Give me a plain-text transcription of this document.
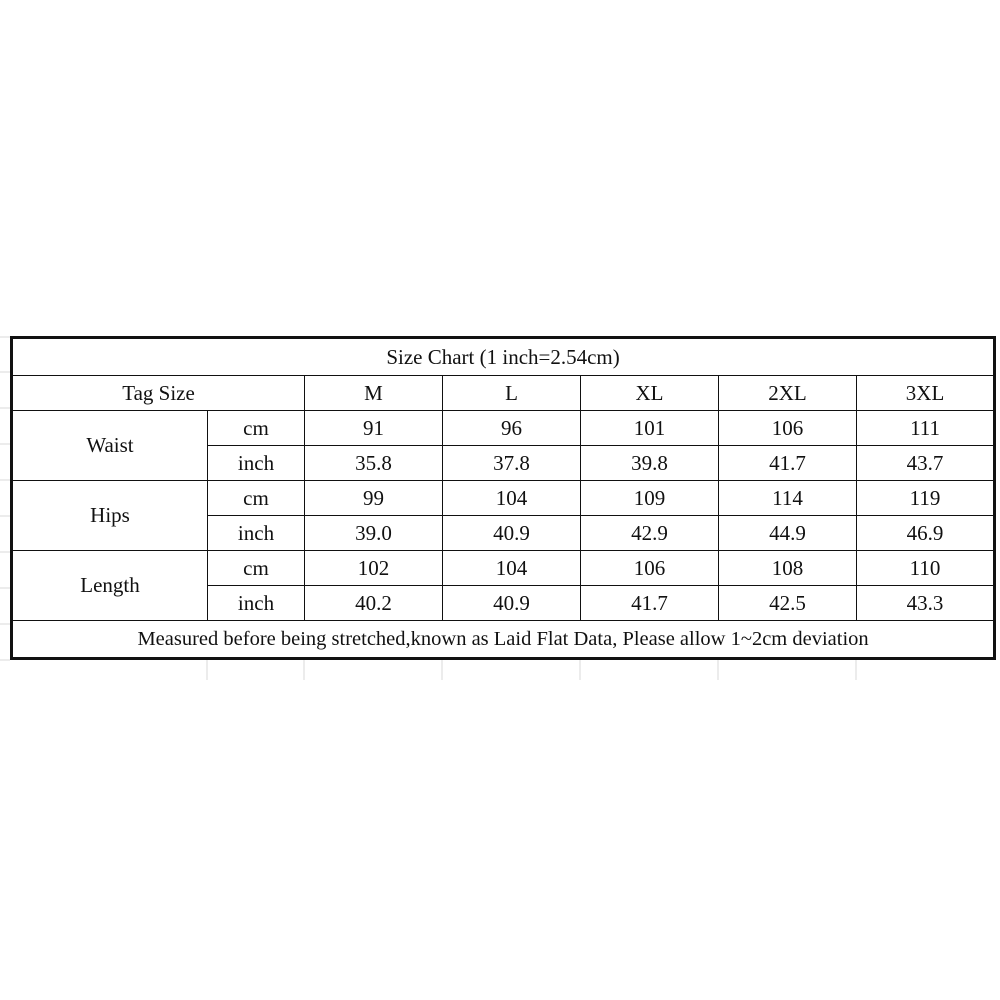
Size Chart (1 inch=2.54cm)						
Tag Size		M	L	XL	2XL	3XL
Waist	cm	91	96	101	106	111
	inch	35.8	37.8	39.8	41.7	43.7
Hips	cm	99	104	109	114	119
	inch	39.0	40.9	42.9	44.9	46.9
Length	cm	102	104	106	108	110
	inch	40.2	40.9	41.7	42.5	43.3
Measured before being stretched,known as Laid Flat Data, Please allow 1~2cm deviation						
